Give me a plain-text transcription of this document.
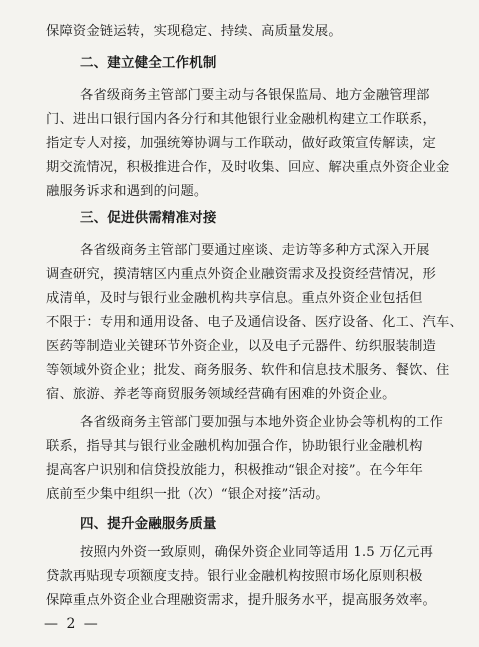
保障资金链运转，实现稳定、持续、高质量发展。
二、建立健全工作机制
各省级商务主管部门要主动与各银保监局、地方金融管理部
门、进出口银行国内各分行和其他银行业金融机构建立工作联系，
指定专人对接，加强统筹协调与工作联动，做好政策宣传解读，定
期交流情况，积极推进合作，及时收集、回应、解决重点外资企业金
融服务诉求和遇到的问题。
三、促进供需精准对接
各省级商务主管部门要通过座谈、走访等多种方式深入开展
调查研究，摸清辖区内重点外资企业融资需求及投资经营情况，形
成清单，及时与银行业金融机构共享信息。重点外资企业包括但
不限于：专用和通用设备、电子及通信设备、医疗设备、化工、汽车、
医药等制造业关键环节外资企业，以及电子元器件、纺织服装制造
等领域外资企业；批发、商务服务、软件和信息技术服务、餐饮、住
宿、旅游、养老等商贸服务领域经营确有困难的外资企业。
各省级商务主管部门要加强与本地外资企业协会等机构的工作
联系，指导其与银行业金融机构加强合作，协助银行业金融机构
提高客户识别和信贷投放能力，积极推动“银企对接”。在今年年
底前至少集中组织一批（次）“银企对接”活动。
四、提升金融服务质量
按照内外资一致原则，确保外资企业同等适用 1.5 万亿元再
贷款再贴现专项额度支持。银行业金融机构按照市场化原则积极
保障重点外资企业合理融资需求，提升服务水平，提高服务效率。
— 2 —
